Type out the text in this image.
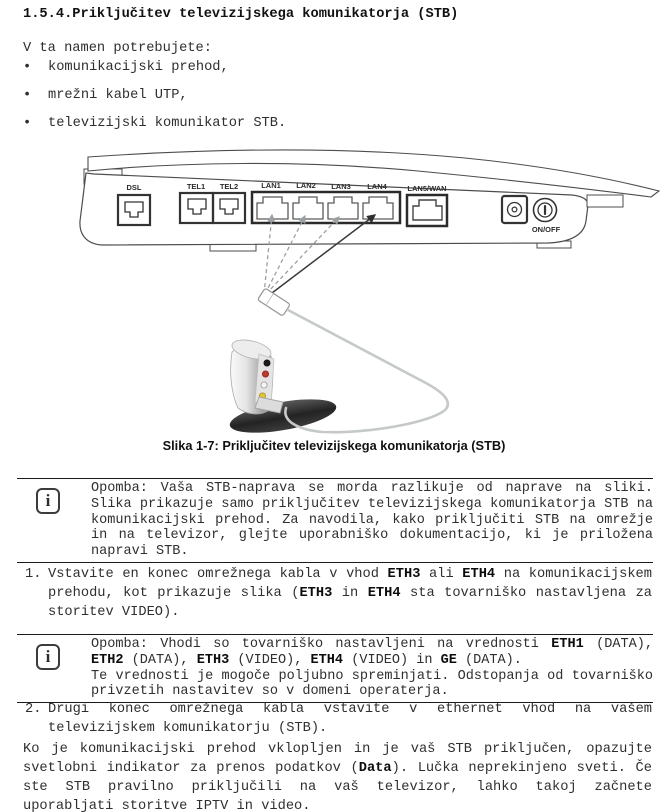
1.5.4.Priključitev televizijskega komunikatorja (STB)

V ta namen potrebujete:

•	komunikacijski prehod,
•	mrežni kabel UTP,
•	televizijski komunikator STB.
DSL	TEL1 TEL2	LAN1 LAN2 LAN3 LAN4	LAN5/WAN
ON/OFF

Slika 1-7: Priključitev televizijskega komunikatorja (STB)

i
Opomba: Vaša STB-naprava se morda razlikuje od naprave na sliki. Slika prikazuje samo priključitev televizijskega komunikatorja STB na komunikacijski prehod. Za navodila, kako priključiti STB na omrežje in na televizor, glejte uporabniško dokumentacijo, ki je priložena napravi STB.
1. Vstavite en konec omrežnega kabla v vhod ETH3 ali ETH4 na komunikacijskem prehodu, kot prikazuje slika (ETH3 in ETH4 sta tovarniško nastavljena za storitev VIDEO).
i
Opomba: Vhodi so tovarniško nastavljeni na vrednosti ETH1 (DATA), ETH2 (DATA), ETH3 (VIDEO), ETH4 (VIDEO) in GE (DATA).
Te vrednosti je mogoče poljubno spreminjati. Odstopanja od tovarniško privzetih nastavitev so v domeni operaterja.
2. Drugi konec omrežnega kabla vstavite v ethernet vhod na vašem televizijskem komunikatorju (STB).

Ko je komunikacijski prehod vklopljen in je vaš STB priključen, opazujte svetlobni indikator za prenos podatkov (Data). Lučka neprekinjeno sveti. Če ste STB pravilno priključili na vaš televizor, lahko takoj začnete uporabljati storitve IPTV in video.
